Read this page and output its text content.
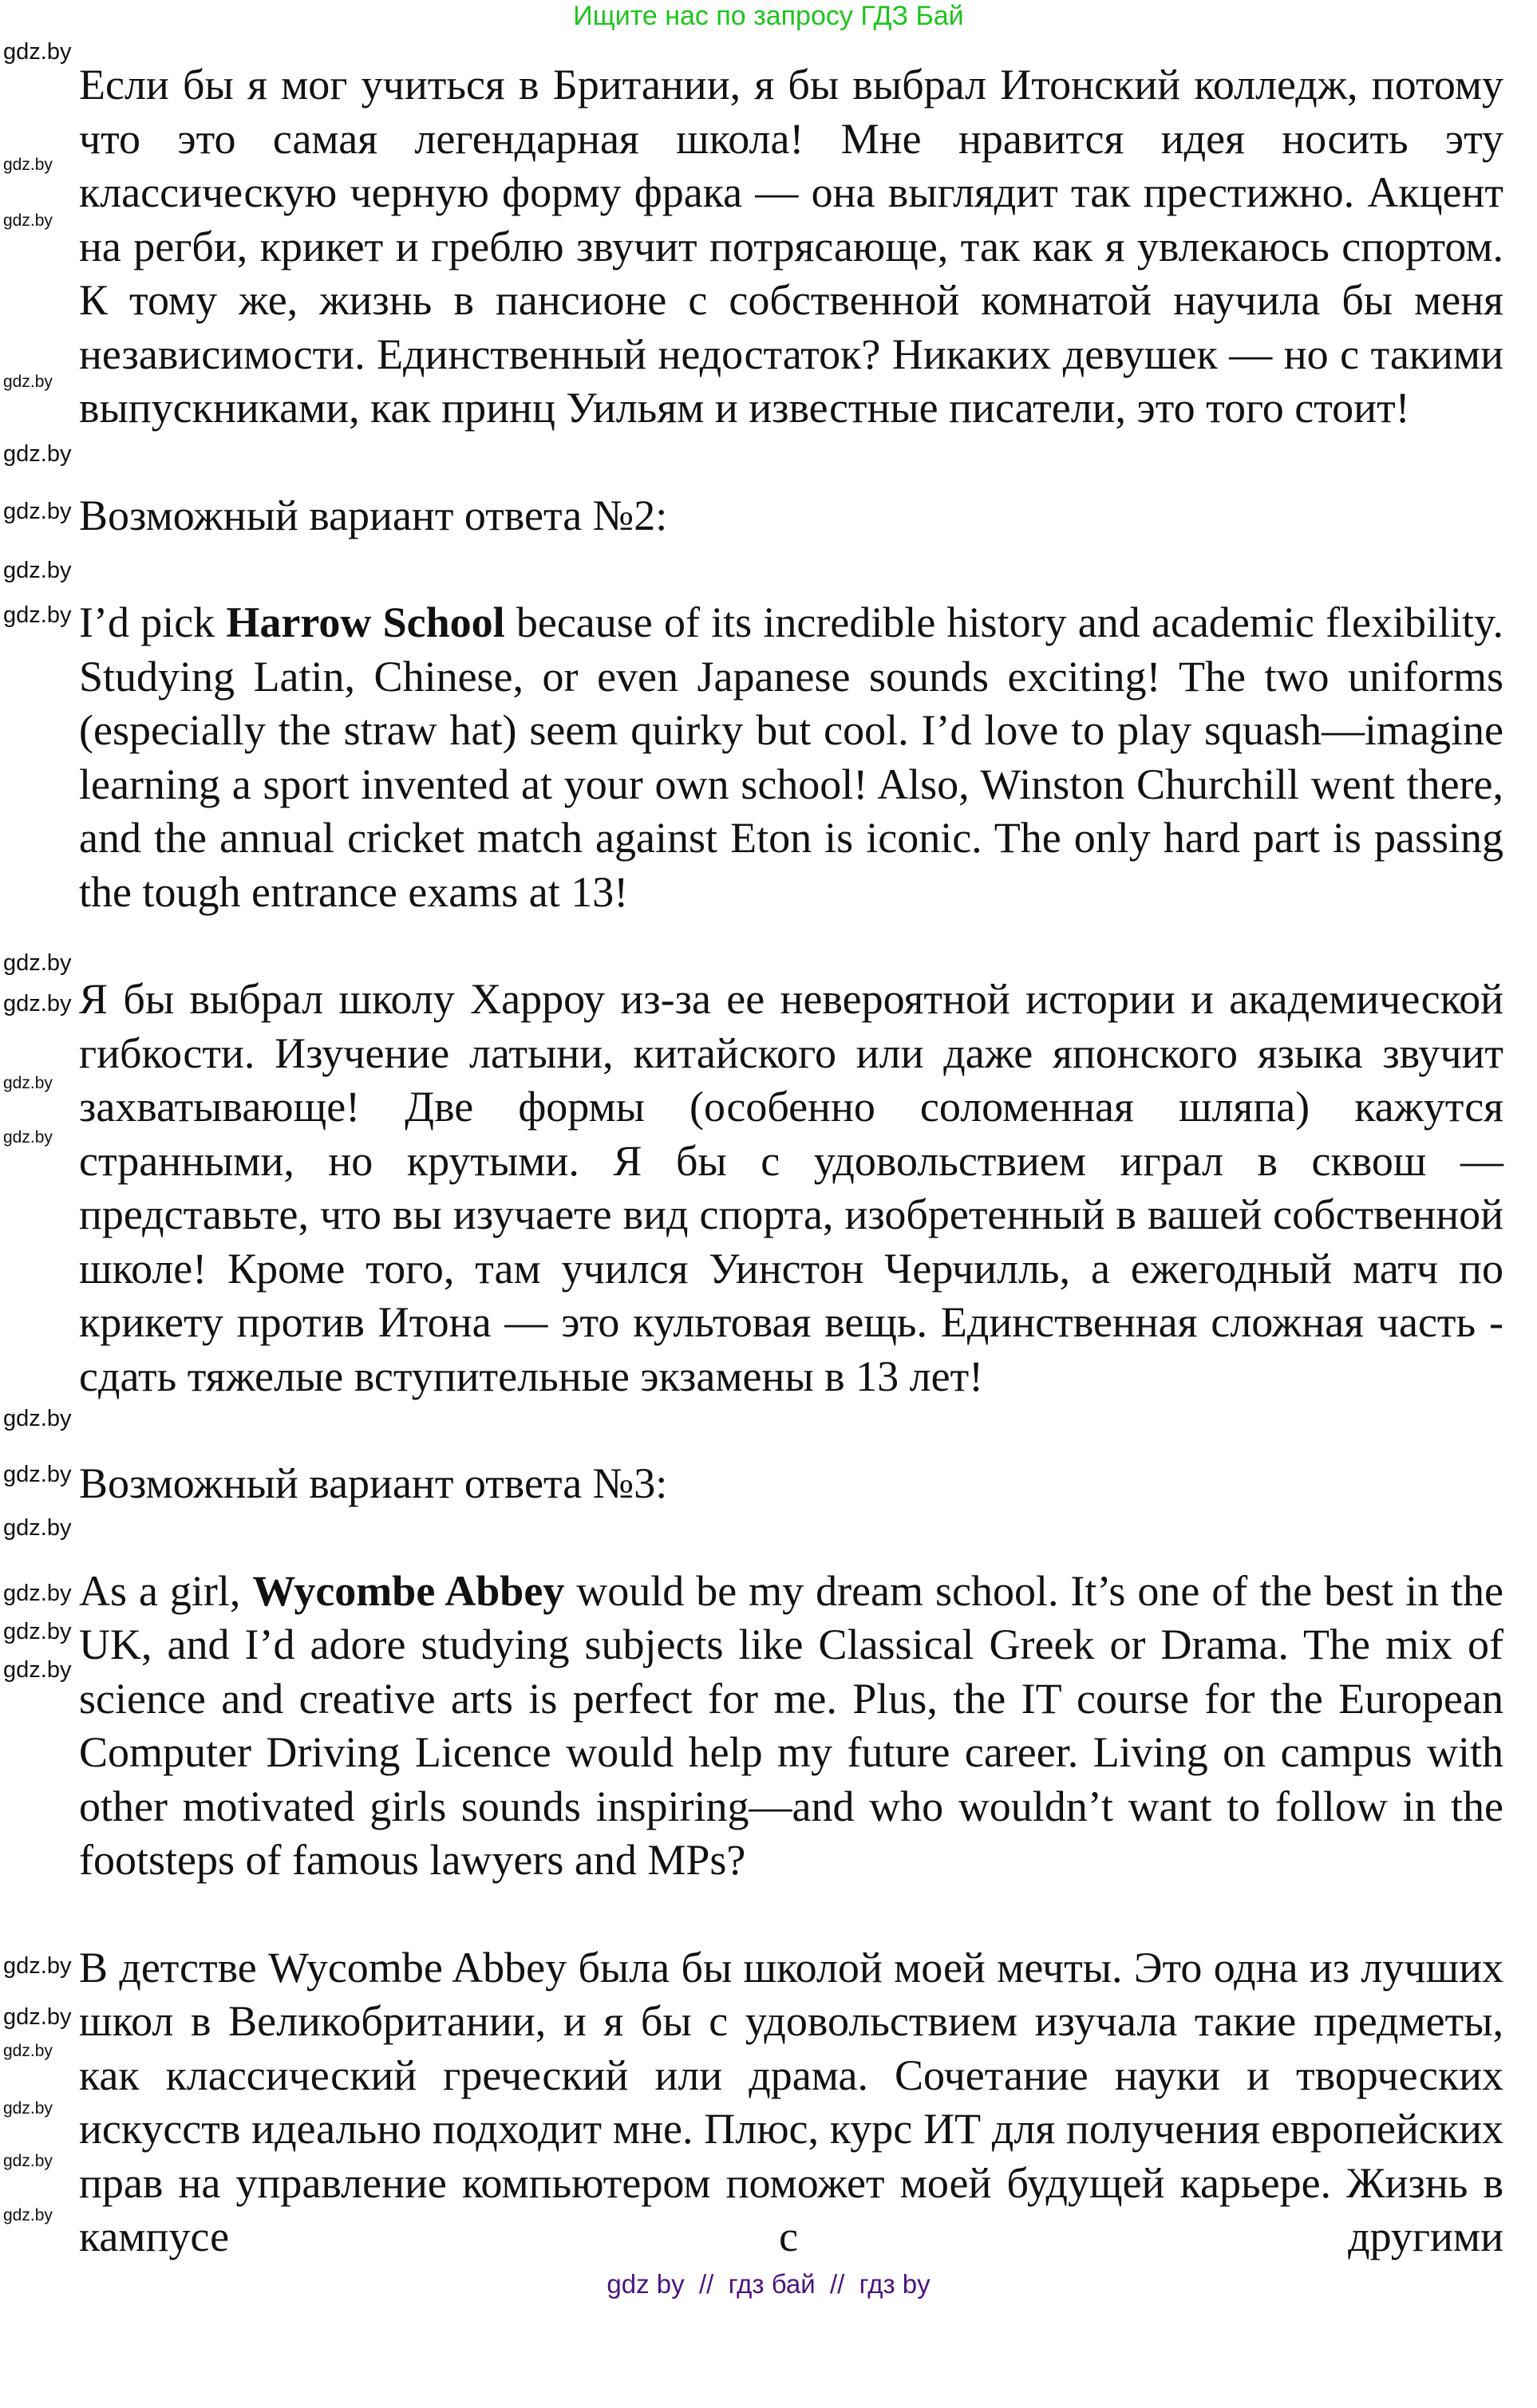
Ищите нас по запросу ГДЗ Бай

Если бы я мог учиться в Британии, я бы выбрал Итонский колледж, потому что это самая легендарная школа! Мне нравится идея носить эту классическую черную форму фрака — она выглядит так престижно. Акцент на регби, крикет и греблю звучит потрясающе, так как я увлекаюсь спортом. К тому же, жизнь в пансионе с собственной комнатой научила бы меня независимости. Единственный недостаток? Никаких девушек — но с такими выпускниками, как принц Уильям и известные писатели, это того стоит!

Возможный вариант ответа №2:

I’d pick Harrow School because of its incredible history and academic flexibility. Studying Latin, Chinese, or even Japanese sounds exciting! The two uniforms (especially the straw hat) seem quirky but cool. I’d love to play squash—imagine learning a sport invented at your own school! Also, Winston Churchill went there, and the annual cricket match against Eton is iconic. The only hard part is passing the tough entrance exams at 13!

Я бы выбрал школу Харроу из-за ее невероятной истории и академической гибкости. Изучение латыни, китайского или даже японского языка звучит захватывающе! Две формы (особенно соломенная шляпа) кажутся странными, но крутыми. Я бы с удовольствием играл в сквош — представьте, что вы изучаете вид спорта, изобретенный в вашей собственной школе! Кроме того, там учился Уинстон Черчилль, а ежегодный матч по крикету против Итона — это культовая вещь. Единственная сложная часть - сдать тяжелые вступительные экзамены в 13 лет!

Возможный вариант ответа №3:

As a girl, Wycombe Abbey would be my dream school. It’s one of the best in the UK, and I’d adore studying subjects like Classical Greek or Drama. The mix of science and creative arts is perfect for me. Plus, the IT course for the European Computer Driving Licence would help my future career. Living on campus with other motivated girls sounds inspiring—and who wouldn’t want to follow in the footsteps of famous lawyers and MPs?

В детстве Wycombe Abbey была бы школой моей мечты. Это одна из лучших школ в Великобритании, и я бы с удовольствием изучала такие предметы, как классический греческий или драма. Сочетание науки и творческих искусств идеально подходит мне. Плюс, курс ИТ для получения европейских прав на управление компьютером поможет моей будущей карьере. Жизнь в кампусе с другими

gdz by  //  гдз бай  //  гдз by
gdz.by
gdz.by
gdz.by
gdz.by
gdz.by
gdz.by
gdz.by
gdz.by
gdz.by
gdz.by
gdz.by
gdz.by
gdz.by
gdz.by
gdz.by
gdz.by
gdz.by
gdz.by
gdz.by
gdz.by
gdz.by
gdz.by
gdz.by
gdz.by
